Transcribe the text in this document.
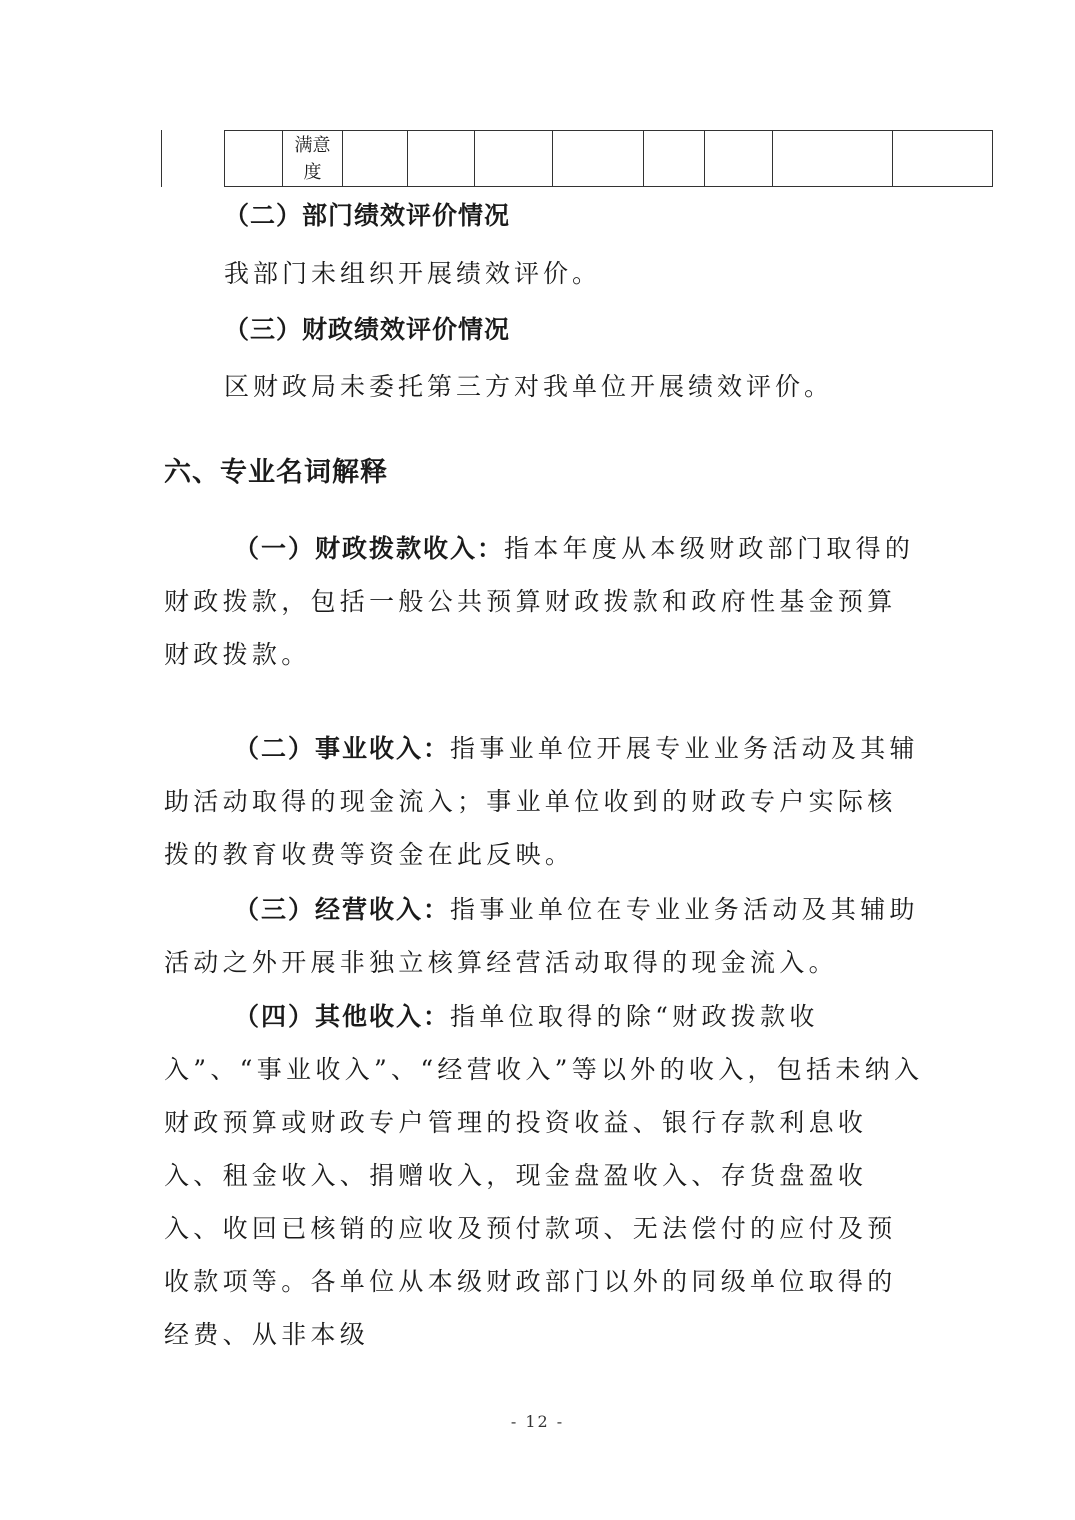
	满意度								
（二）部门绩效评价情况

我部门未组织开展绩效评价。

（三）财政绩效评价情况

区财政局未委托第三方对我单位开展绩效评价。

六、专业名词解释

（一）财政拨款收入：指本年度从本级财政部门取得的财政拨款，包括一般公共预算财政拨款和政府性基金预算财政拨款。

（二）事业收入：指事业单位开展专业业务活动及其辅助活动取得的现金流入；事业单位收到的财政专户实际核拨的教育收费等资金在此反映。

（三）经营收入：指事业单位在专业业务活动及其辅助活动之外开展非独立核算经营活动取得的现金流入。

（四）其他收入：指单位取得的除“财政拨款收入”、“事业收入”、“经营收入”等以外的收入，包括未纳入财政预算或财政专户管理的投资收益、银行存款利息收入、租金收入、捐赠收入，现金盘盈收入、存货盘盈收入、收回已核销的应收及预付款项、无法偿付的应付及预收款项等。各单位从本级财政部门以外的同级单位取得的经费、从非本级

- 12 -
